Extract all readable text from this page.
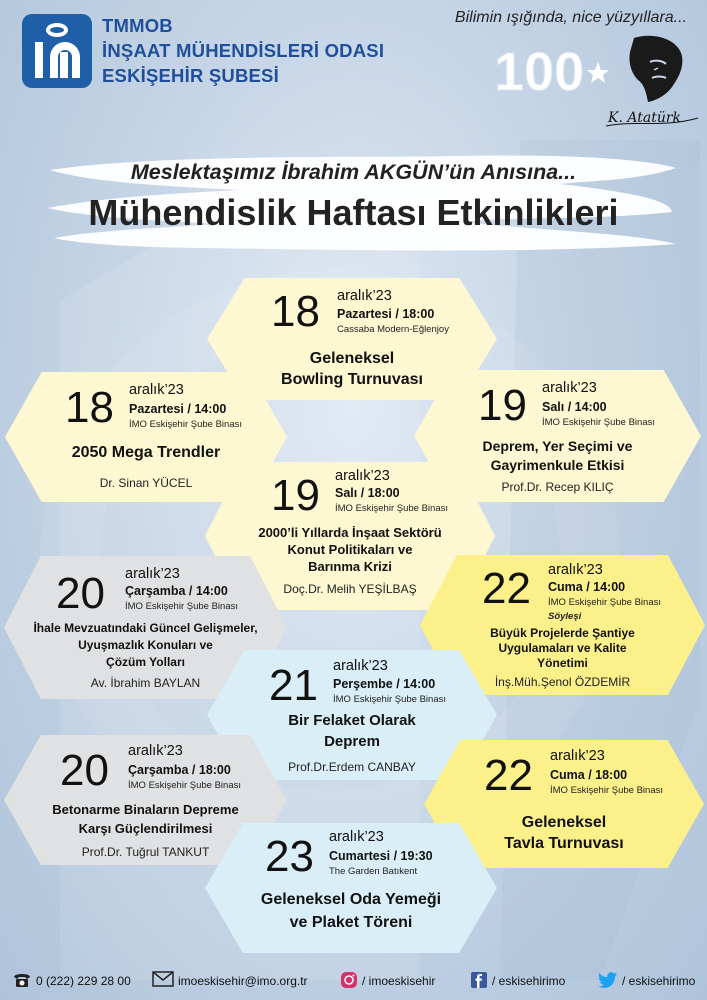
TMMOB
İNŞAAT MÜHENDİSLERİ ODASI
ESKİŞEHİR ŞUBESİ
Bilimin ışığında, nice yüzyıllara...
100
K. Atatürk
Meslektaşımız İbrahim AKGÜN’ün Anısına...
Mühendislik Haftası Etkinlikleri
18 aralık’23
Pazartesi / 18:00
Cassaba Modern-Eğlenjoy
Geleneksel
Bowling Turnuvası
18 aralık’23
Pazartesi / 14:00
İMO Eskişehir Şube Binası
2050 Mega Trendler
Dr. Sinan YÜCEL
19 aralık’23
Salı / 14:00
İMO Eskişehir Şube Binası
Deprem, Yer Seçimi ve
Gayrimenkule Etkisi
Prof.Dr. Recep KILIÇ
19 aralık’23
Salı / 18:00
İMO Eskişehir Şube Binası
2000’li Yıllarda İnşaat Sektörü
Konut Politikaları ve
Barınma Krizi
Doç.Dr. Melih YEŞİLBAŞ
20 aralık’23
Çarşamba / 14:00
İMO Eskişehir Şube Binası
İhale Mevzuatındaki Güncel Gelişmeler,
Uyuşmazlık Konuları ve
Çözüm Yolları
Av. İbrahim BAYLAN
22 aralık’23
Cuma / 14:00
İMO Eskişehir Şube Binası
Söyleşi
Büyük Projelerde Şantiye
Uygulamaları ve Kalite
Yönetimi
İnş.Müh.Şenol ÖZDEMİR
21 aralık’23
Perşembe / 14:00
İMO Eskişehir Şube Binası
Bir Felaket Olarak
Deprem
Prof.Dr.Erdem CANBAY
20 aralık’23
Çarşamba / 18:00
İMO Eskişehir Şube Binası
Betonarme Binaların Depreme
Karşı Güçlendirilmesi
Prof.Dr. Tuğrul TANKUT
22 aralık’23
Cuma / 18:00
İMO Eskişehir Şube Binası
Geleneksel
Tavla Turnuvası
23 aralık’23
Cumartesi / 19:30
The Garden Batıkent
Geleneksel Oda Yemeği
ve Plaket Töreni
0 (222) 229 28 00	imoeskisehir@imo.org.tr	/ imoeskisehir	/ eskisehirimo	/ eskisehirimo
